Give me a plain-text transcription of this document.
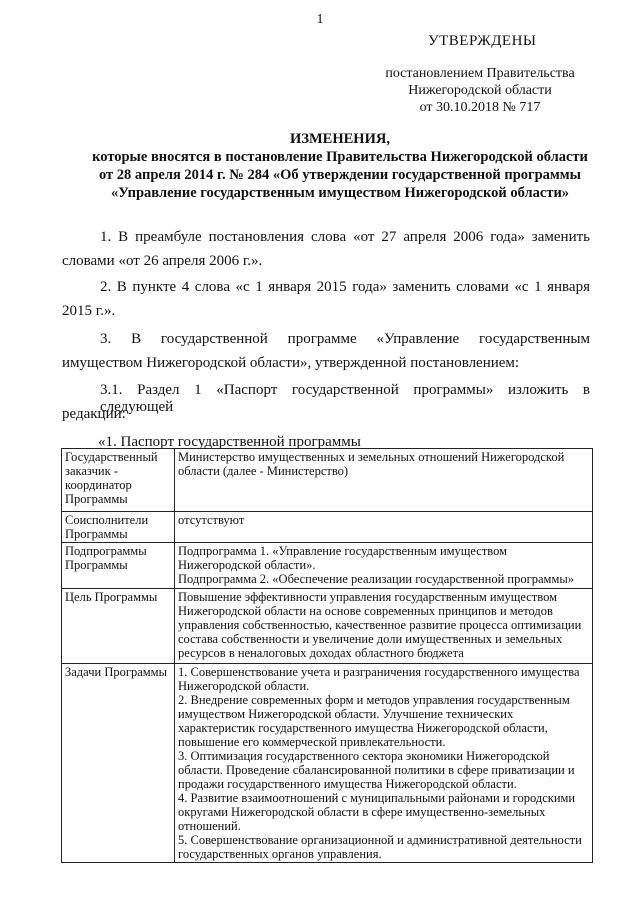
1
УТВЕРЖДЕНЫ
постановлением Правительства
Нижегородской области
от 30.10.2018 № 717
ИЗМЕНЕНИЯ,
которые вносятся в постановление Правительства Нижегородской области
от 28 апреля 2014 г. № 284 «Об утверждении государственной программы
«Управление государственным имуществом Нижегородской области»
1. В преамбуле постановления слова «от 27 апреля 2006 года» заменить
словами «от 26 апреля 2006 г.».
2. В пункте 4 слова «с 1 января 2015 года» заменить словами «с 1 января
2015 г.».
3. В государственной программе «Управление государственным
имуществом Нижегородской области», утвержденной постановлением:
3.1. Раздел 1 «Паспорт государственной программы» изложить в следующей
редакции:
«1. Паспорт государственной программы
Государственный заказчик - координатор Программы	Министерство имущественных и земельных отношений Нижегородской области (далее - Министерство)
Соисполнители Программы	отсутствуют
Подпрограммы Программы	Подпрограмма 1. «Управление государственным имуществом Нижегородской области».
Подпрограмма 2. «Обеспечение реализации государственной программы»

Цель Программы	Повышение эффективности управления государственным имуществом Нижегородской области на основе современных принципов и методов управления собственностью, качественное развитие процесса оптимизации состава собственности и увеличение доли имущественных и земельных ресурсов в неналоговых доходах областного бюджета
Задачи Программы	1. Совершенствование учета и разграничения государственного имущества Нижегородской области.
2. Внедрение современных форм и методов управления государственным имуществом Нижегородской области. Улучшение технических характеристик государственного имущества Нижегородской области, повышение его коммерческой привлекательности.
3. Оптимизация государственного сектора экономики Нижегородской области. Проведение сбалансированной политики в сфере приватизации и продажи государственного имущества Нижегородской области.
4. Развитие взаимоотношений с муниципальными районами и городскими округами Нижегородской области в сфере имущественно-земельных отношений.
5. Совершенствование организационной и административной деятельности государственных органов управления.
